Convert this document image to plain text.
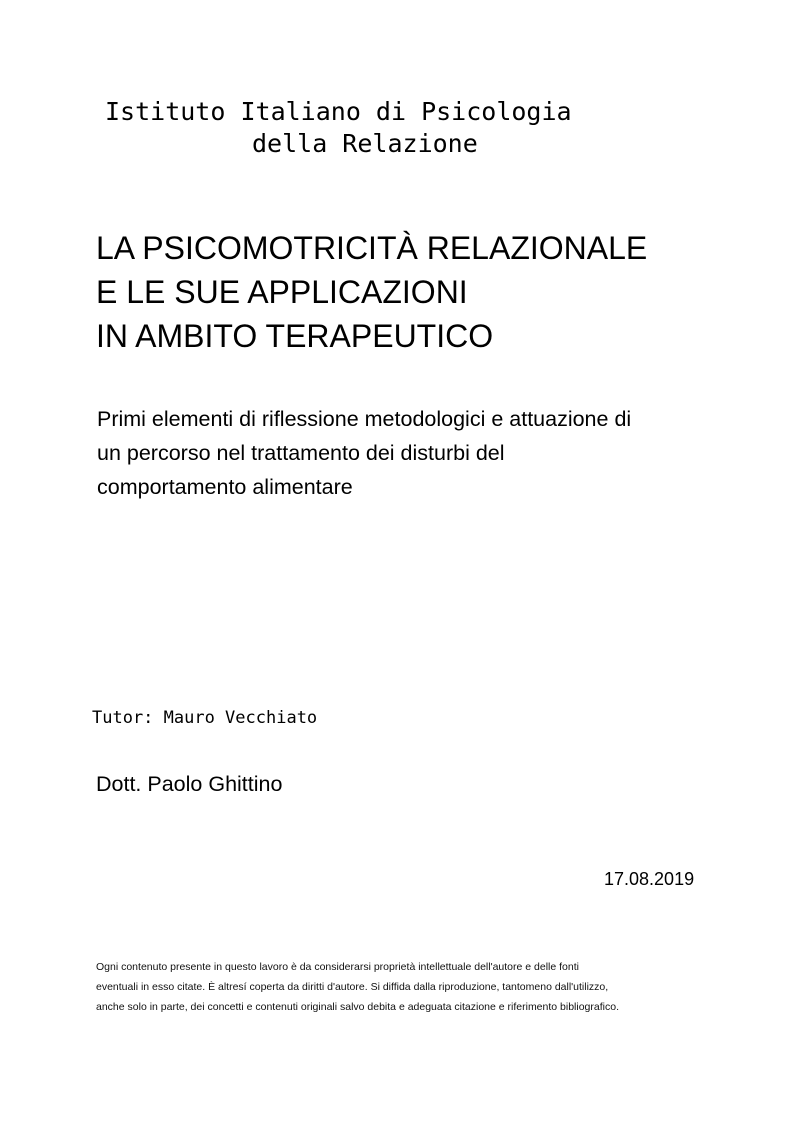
Istituto Italiano di Psicologia
della Relazione
LA PSICOMOTRICITÀ RELAZIONALE
E LE SUE APPLICAZIONI
IN AMBITO TERAPEUTICO
Primi elementi di riflessione metodologici e attuazione di
un percorso nel trattamento dei disturbi del
comportamento alimentare
Tutor: Mauro Vecchiato
Dott. Paolo Ghittino
17.08.2019
Ogni contenuto presente in questo lavoro è da considerarsi proprietà intellettuale dell'autore e delle fonti
eventuali in esso citate. È altresí coperta da diritti d'autore. Si diffida dalla riproduzione, tantomeno dall'utilizzo,
anche solo in parte, dei concetti e contenuti originali salvo debita e adeguata citazione e riferimento bibliografico.
